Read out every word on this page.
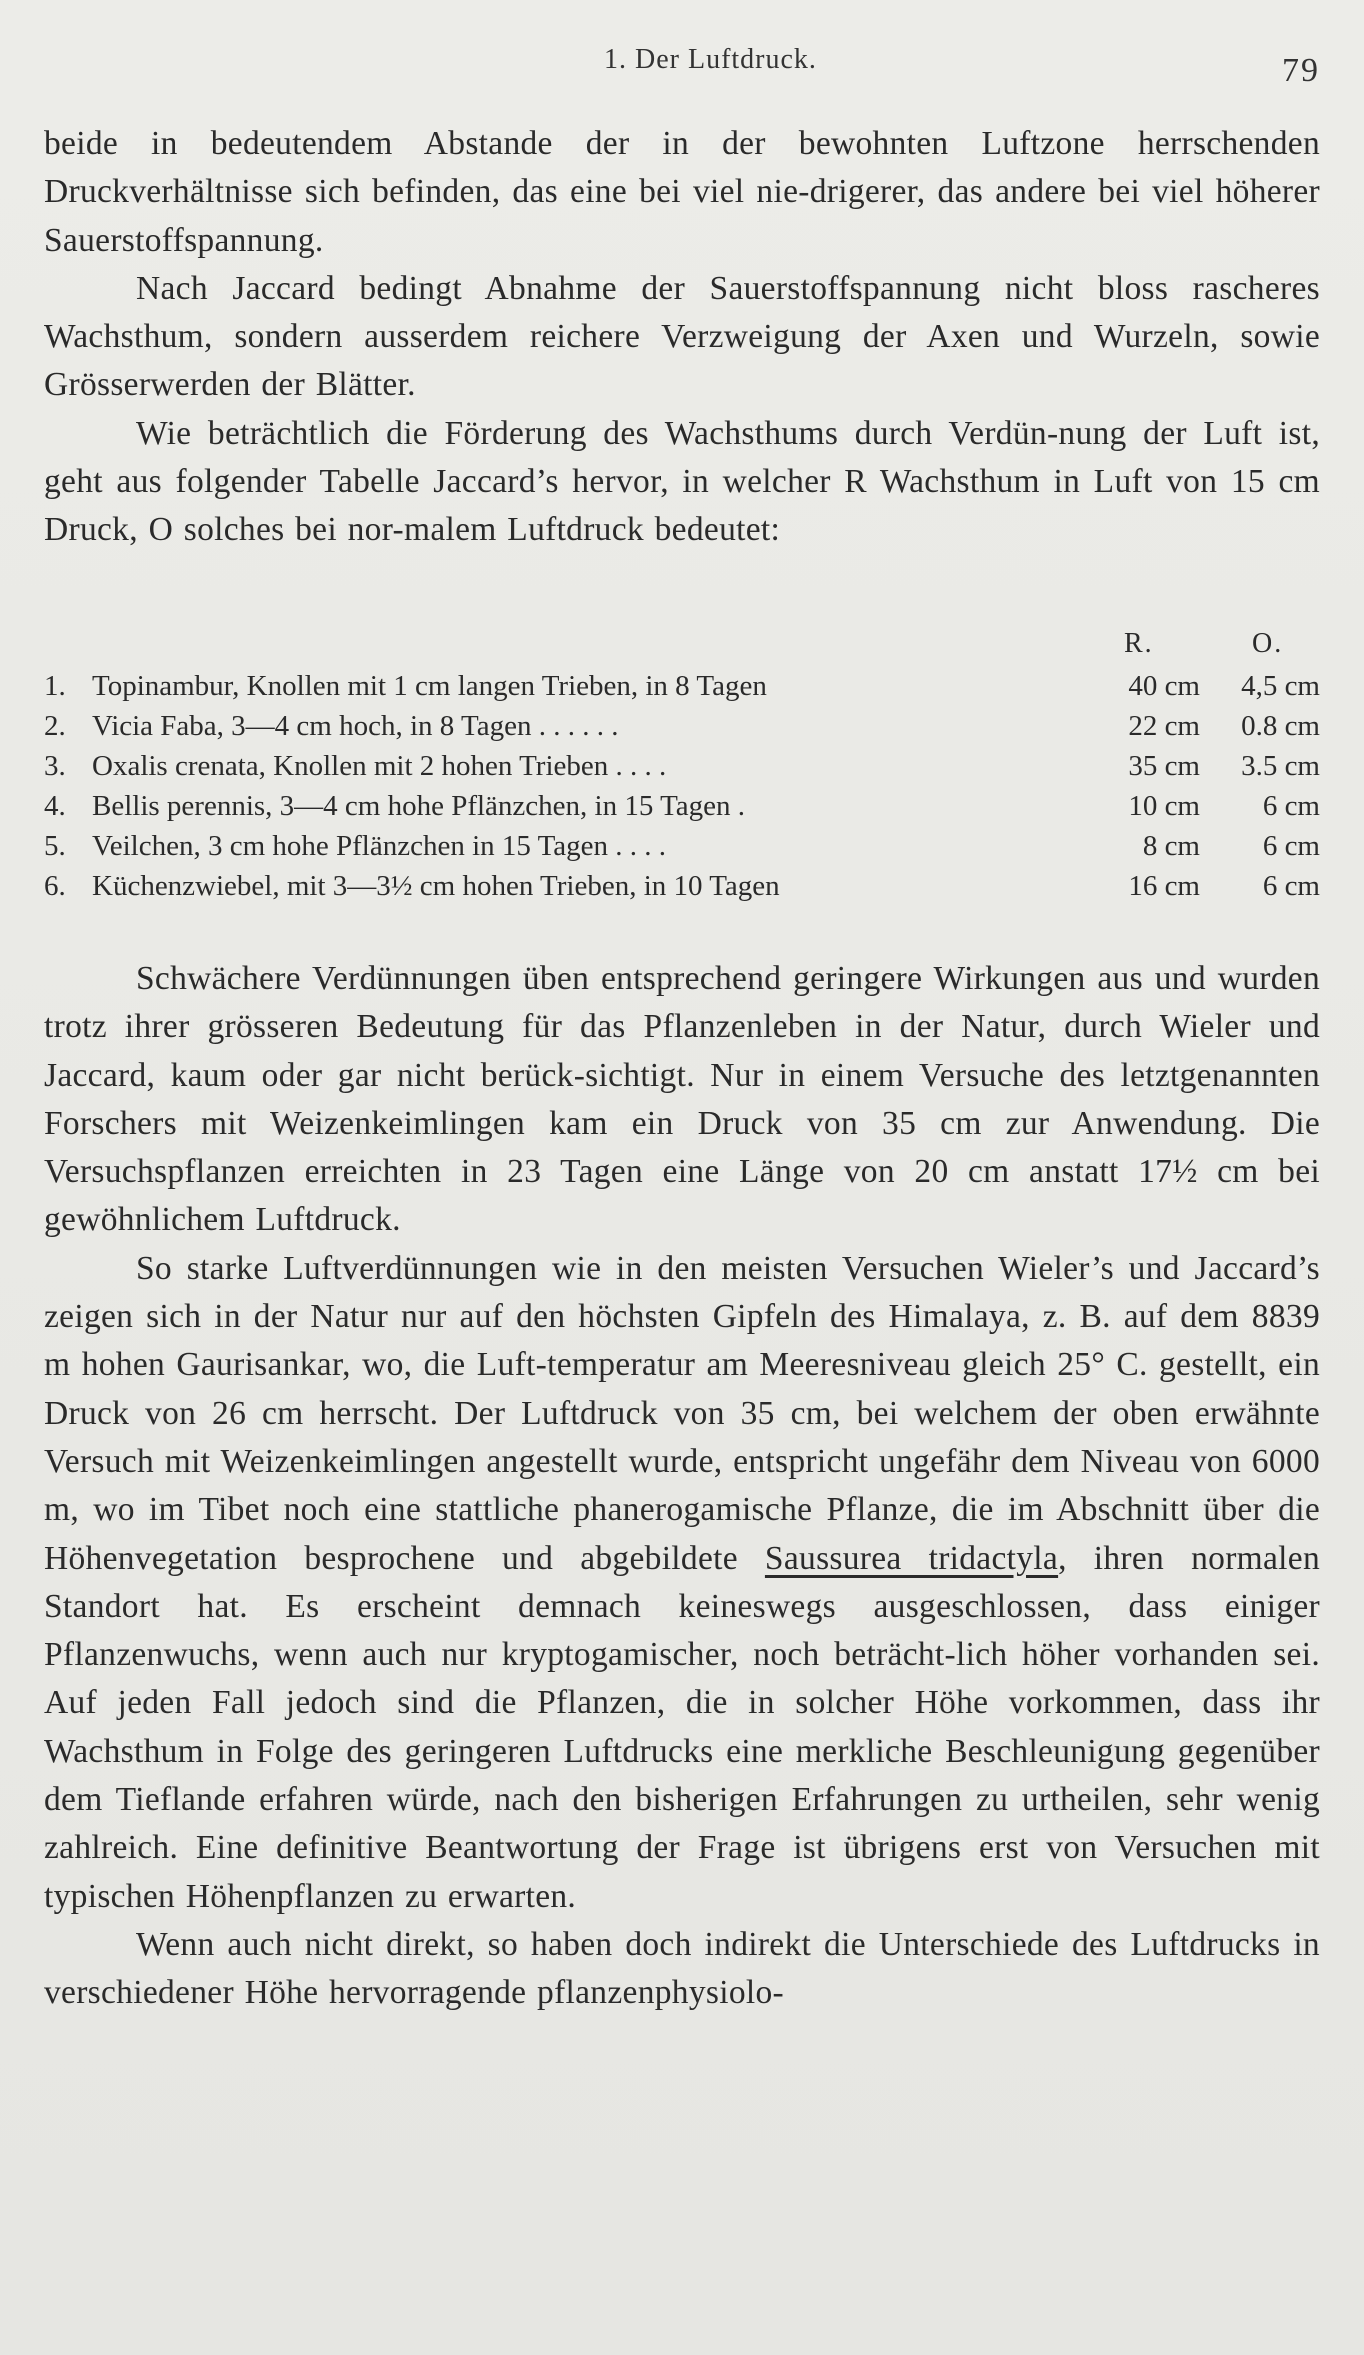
1. Der Luftdruck.	79

beide in bedeutendem Abstande der in der bewohnten Luftzone herrschenden Druckverhältnisse sich befinden, das eine bei viel nie-drigerer, das andere bei viel höherer Sauerstoffspannung.

Nach Jaccard bedingt Abnahme der Sauerstoffspannung nicht bloss rascheres Wachsthum, sondern ausserdem reichere Verzweigung der Axen und Wurzeln, sowie Grösserwerden der Blätter.

Wie beträchtlich die Förderung des Wachsthums durch Verdün-nung der Luft ist, geht aus folgender Tabelle Jaccard’s hervor, in welcher R Wachsthum in Luft von 15 cm Druck, O solches bei nor-malem Luftdruck bedeutet:

R.	O.
1. Topinambur, Knollen mit 1 cm langen Trieben, in 8 Tagen	40 cm	4,5 cm
2. Vicia Faba, 3—4 cm hoch, in 8 Tagen . . . . . .	22 cm	0.8 cm
3. Oxalis crenata, Knollen mit 2 hohen Trieben . . . .	35 cm	3.5 cm
4. Bellis perennis, 3—4 cm hohe Pflänzchen, in 15 Tagen .	10 cm	6 cm
5. Veilchen, 3 cm hohe Pflänzchen in 15 Tagen . . . .	8 cm	6 cm
6. Küchenzwiebel, mit 3—3½ cm hohen Trieben, in 10 Tagen	16 cm	6 cm

Schwächere Verdünnungen üben entsprechend geringere Wirkungen aus und wurden trotz ihrer grösseren Bedeutung für das Pflanzenleben in der Natur, durch Wieler und Jaccard, kaum oder gar nicht berück-sichtigt. Nur in einem Versuche des letztgenannten Forschers mit Weizenkeimlingen kam ein Druck von 35 cm zur Anwendung. Die Versuchspflanzen erreichten in 23 Tagen eine Länge von 20 cm anstatt 17½ cm bei gewöhnlichem Luftdruck.

So starke Luftverdünnungen wie in den meisten Versuchen Wieler’s und Jaccard’s zeigen sich in der Natur nur auf den höchsten Gipfeln des Himalaya, z. B. auf dem 8839 m hohen Gaurisankar, wo, die Luft-temperatur am Meeresniveau gleich 25° C. gestellt, ein Druck von 26 cm herrscht. Der Luftdruck von 35 cm, bei welchem der oben erwähnte Versuch mit Weizenkeimlingen angestellt wurde, entspricht ungefähr dem Niveau von 6000 m, wo im Tibet noch eine stattliche phanerogamische Pflanze, die im Abschnitt über die Höhenvegetation besprochene und abgebildete Saussurea tridactyla, ihren normalen Standort hat. Es erscheint demnach keineswegs ausgeschlossen, dass einiger Pflanzenwuchs, wenn auch nur kryptogamischer, noch beträcht-lich höher vorhanden sei. Auf jeden Fall jedoch sind die Pflanzen, die in solcher Höhe vorkommen, dass ihr Wachsthum in Folge des geringeren Luftdrucks eine merkliche Beschleunigung gegenüber dem Tieflande erfahren würde, nach den bisherigen Erfahrungen zu urtheilen, sehr wenig zahlreich. Eine definitive Beantwortung der Frage ist übrigens erst von Versuchen mit typischen Höhenpflanzen zu erwarten.

Wenn auch nicht direkt, so haben doch indirekt die Unterschiede des Luftdrucks in verschiedener Höhe hervorragende pflanzenphysiolo-
